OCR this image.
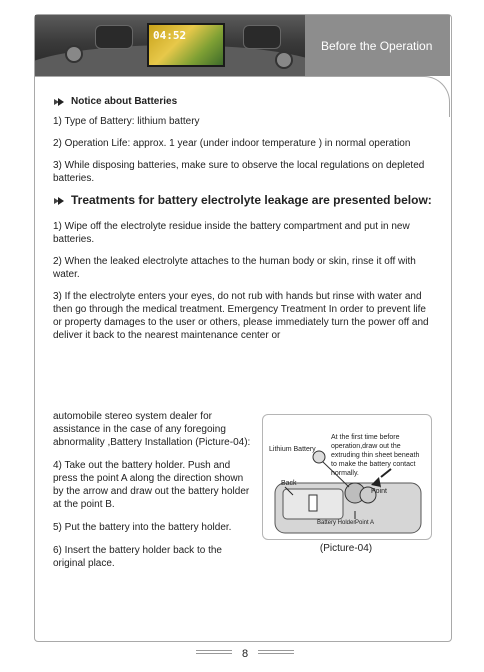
04:52
Before the Operation
Notice about Batteries
1) Type of Battery: lithium battery
2) Operation Life: approx. 1 year (under indoor temperature ) in normal operation
3) While disposing batteries, make sure to observe the local regulations on depleted batteries.
Treatments for battery electrolyte leakage are presented below:
1) Wipe off the electrolyte residue inside the battery compartment and put in new batteries.
2) When the leaked electrolyte attaches to the human body or skin, rinse it off with water.
3) If the electrolyte enters your eyes, do not rub with hands but rinse with water and then go through the medical treatment. Emergency Treatment In order to prevent life or property damages to the user or others, please immediately turn the power off and deliver it back to the nearest maintenance center or
automobile stereo system dealer for assistance in the case of any foregoing abnormality ,Battery Installation (Picture-04):
4) Take out the battery holder. Push and press the point A along the direction shown by the arrow and draw out the battery holder at the point B.
5) Put the battery into the battery holder.
6) Insert the battery holder back to the original place.
At the first time before operation,draw out the extruding thin sheet beneath to make the battery contact normally.
Lithium Battery
Back
Point
Battery Holder Point A
(Picture-04)
8
